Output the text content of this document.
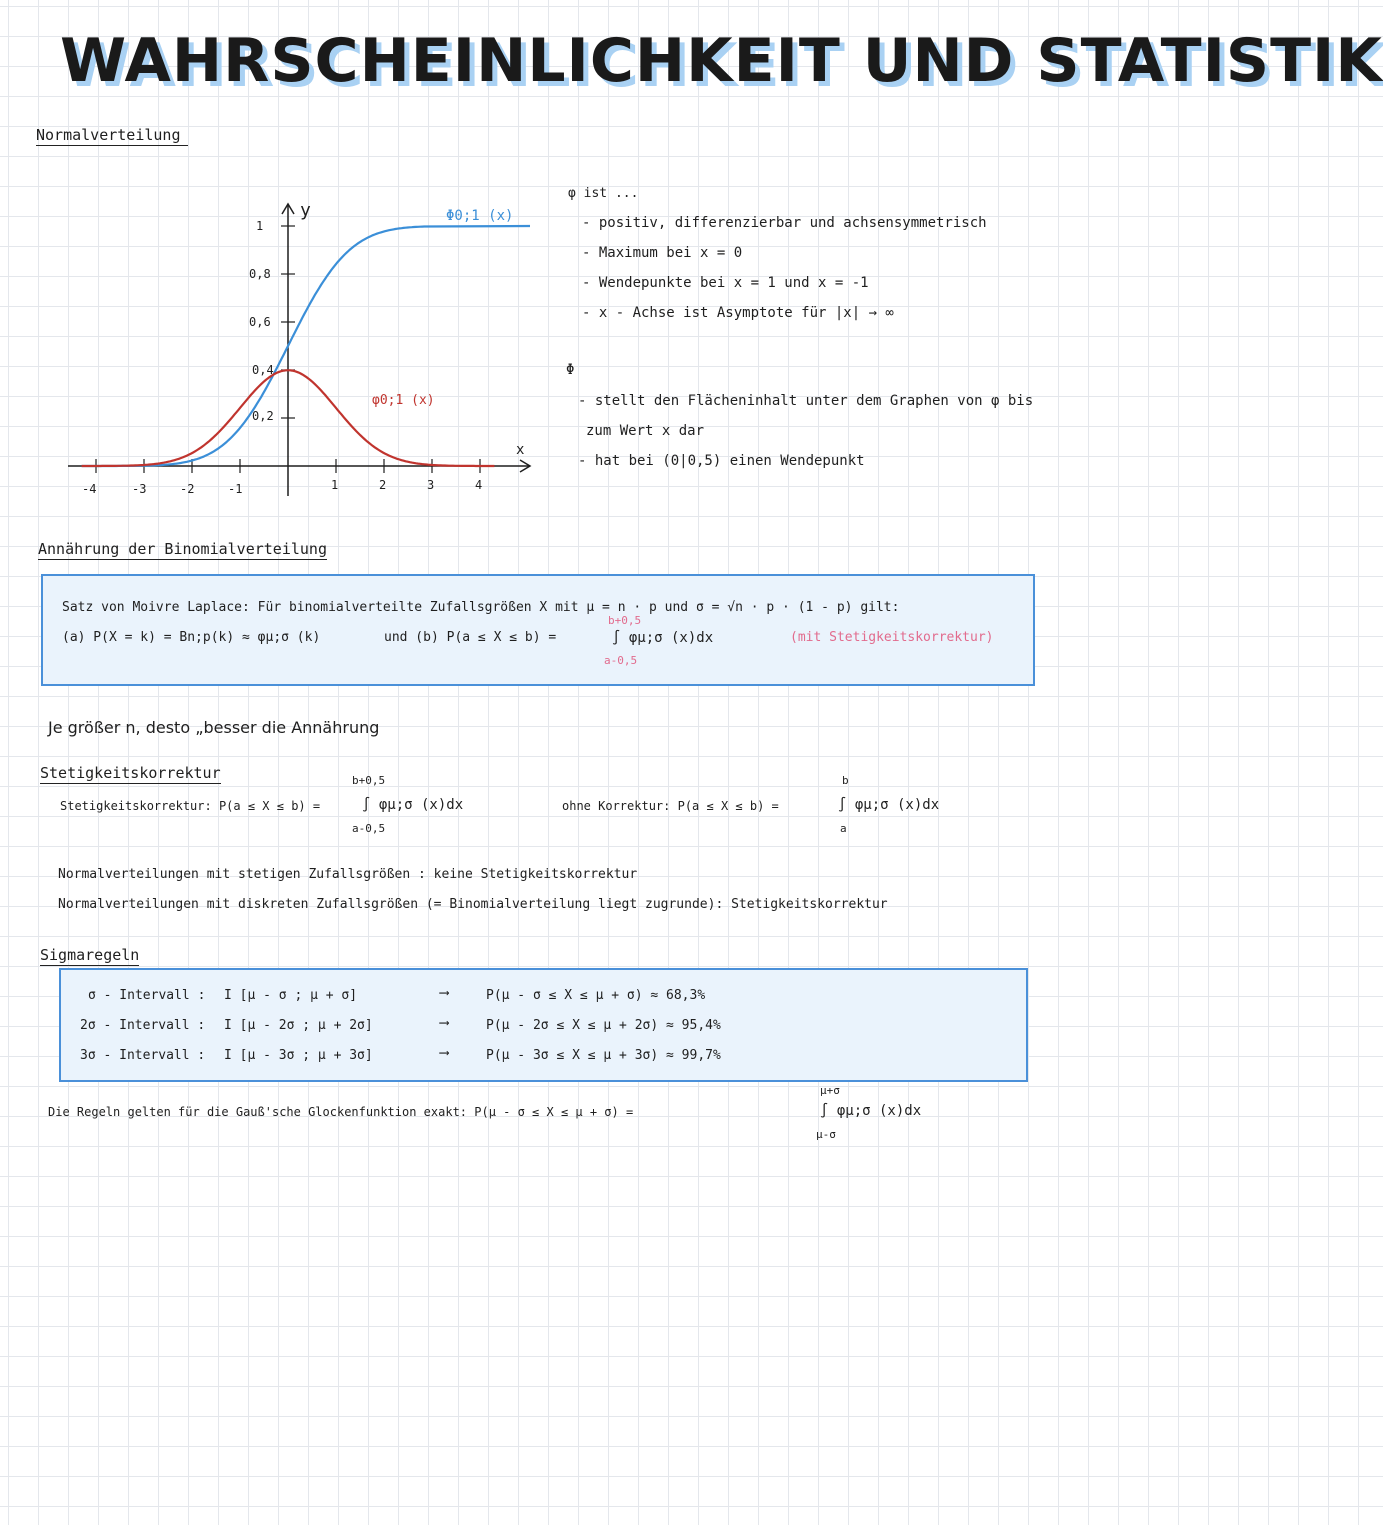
WAHRSCHEINLICHKEIT UND STATISTIK
Normalverteilung
-4	-3	-2	-1	1	2	3	4
1
0,8
0,6
0,4
0,2
y
x
Φ0;1 (x)
φ0;1 (x)
φ ist ...
- positiv, differenzierbar und achsensymmetrisch
- Maximum bei x = 0
- Wendepunkte bei x = 1 und x = -1
- x - Achse ist Asymptote für |x| → ∞
Φ
- stellt den Flächeninhalt unter dem Graphen von φ bis
zum Wert x dar
- hat bei (0|0,5) einen Wendepunkt
Annährung der Binomialverteilung
Satz von Moivre Laplace: Für binomialverteilte Zufallsgrößen X mit μ = n · p und σ = √n · p · (1 - p) gilt:
(a) P(X = k) = Bn;p(k) ≈ φμ;σ (k)	und (b) P(a ≤ X ≤ b) =
b+0,5
∫ φμ;σ (x)dx
a-0,5
(mit Stetigkeitskorrektur)
Je größer n, desto „besser die Annährung
Stetigkeitskorrektur
Stetigkeitskorrektur: P(a ≤ X ≤ b) =
b+0,5
∫ φμ;σ (x)dx
a-0,5
ohne Korrektur: P(a ≤ X ≤ b) =
b
∫ φμ;σ (x)dx
a
Normalverteilungen mit stetigen Zufallsgrößen : keine Stetigkeitskorrektur
Normalverteilungen mit diskreten Zufallsgrößen (= Binomialverteilung liegt zugrunde): Stetigkeitskorrektur
Sigmaregeln
σ - Intervall : I [μ - σ ; μ + σ]	⟶	P(μ - σ ≤ X ≤ μ + σ) ≈ 68,3%
2σ - Intervall : I [μ - 2σ ; μ + 2σ]	⟶	P(μ - 2σ ≤ X ≤ μ + 2σ) ≈ 95,4%
3σ - Intervall : I [μ - 3σ ; μ + 3σ]	⟶	P(μ - 3σ ≤ X ≤ μ + 3σ) ≈ 99,7%
Die Regeln gelten für die Gauß'sche Glockenfunktion exakt: P(μ - σ ≤ X ≤ μ + σ) =
μ+σ
∫ φμ;σ (x)dx
μ-σ
